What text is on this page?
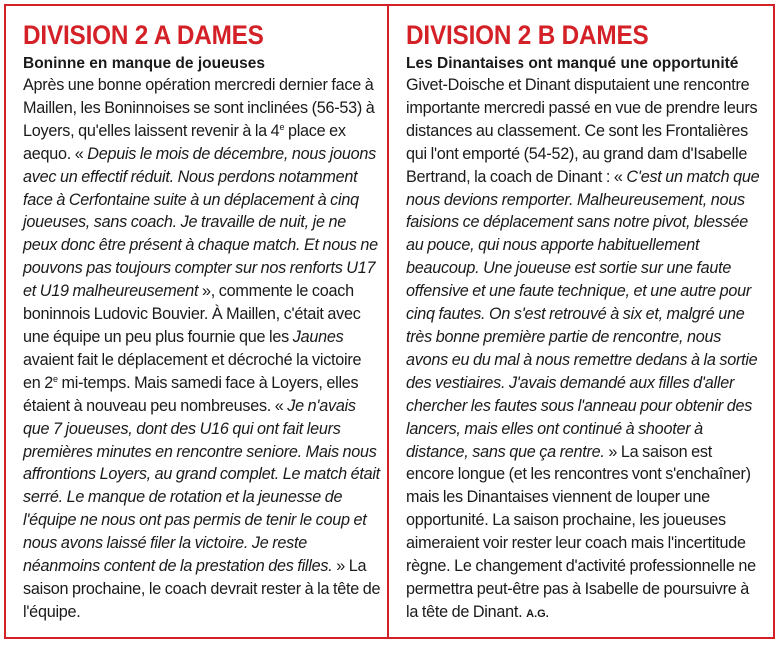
DIVISION 2 A DAMES
Boninne en manque de joueuses

Après une bonne opération mercredi dernier face à Maillen, les Boninnoises se sont inclinées (56-53) à Loyers, qu'elles laissent revenir à la 4e place ex aequo. « Depuis le mois de décembre, nous jouons avec un effectif réduit. Nous perdons notamment face à Cerfontaine suite à un déplacement à cinq joueuses, sans coach. Je travaille de nuit, je ne peux donc être présent à chaque match. Et nous ne pouvons pas toujours compter sur nos renforts U17 et U19 malheureusement », commente le coach boninnois Ludovic Bouvier. À Maillen, c'était avec une équipe un peu plus fournie que les Jaunes avaient fait le déplacement et décroché la victoire en 2e mi-temps. Mais samedi face à Loyers, elles étaient à nouveau peu nombreuses. « Je n'avais que 7 joueuses, dont des U16 qui ont fait leurs premières minutes en rencontre seniore. Mais nous affrontions Loyers, au grand complet. Le match était serré. Le manque de rotation et la jeunesse de l'équipe ne nous ont pas permis de tenir le coup et nous avons laissé filer la victoire. Je reste néanmoins content de la prestation des filles. » La saison prochaine, le coach devrait rester à la tête de l'équipe.

DIVISION 2 B DAMES
Les Dinantaises ont manqué une opportunité

Givet-Doische et Dinant disputaient une rencontre importante mercredi passé en vue de prendre leurs distances au classement. Ce sont les Frontalières qui l'ont emporté (54-52), au grand dam d'Isabelle Bertrand, la coach de Dinant : « C'est un match que nous devions remporter. Malheureusement, nous faisions ce déplacement sans notre pivot, blessée au pouce, qui nous apporte habituellement beaucoup. Une joueuse est sortie sur une faute offensive et une faute technique, et une autre pour cinq fautes. On s'est retrouvé à six et, malgré une très bonne première partie de rencontre, nous avons eu du mal à nous remettre dedans à la sortie des vestiaires. J'avais demandé aux filles d'aller chercher les fautes sous l'anneau pour obtenir des lancers, mais elles ont continué à shooter à distance, sans que ça rentre. » La saison est encore longue (et les rencontres vont s'enchaîner) mais les Dinantaises viennent de louper une opportunité. La saison prochaine, les joueuses aimeraient voir rester leur coach mais l'incertitude règne. Le changement d'activité professionnelle ne permettra peut-être pas à Isabelle de poursuivre à la tête de Dinant. A.G.
